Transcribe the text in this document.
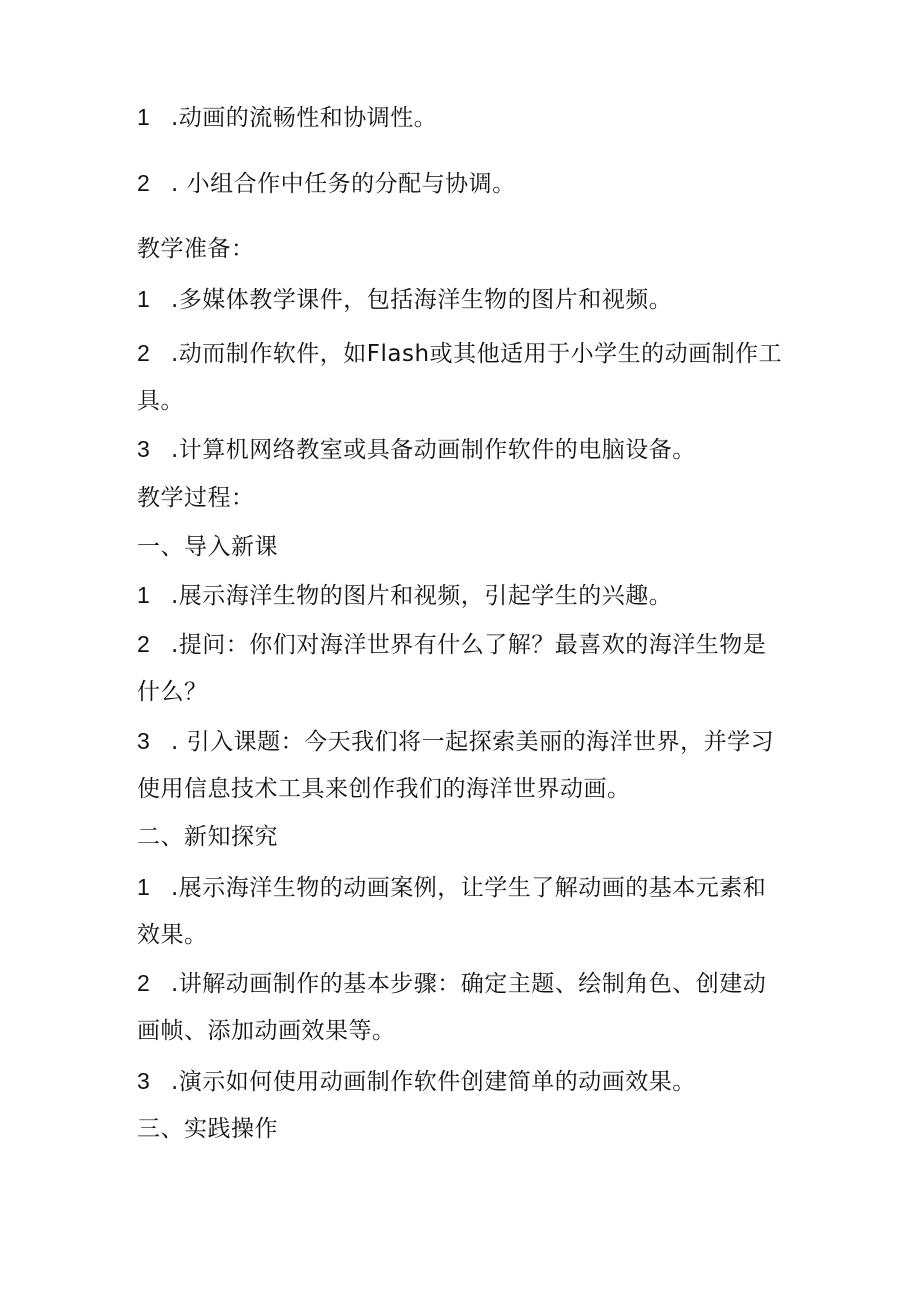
1 .动画的流畅性和协调性。
2 . 小组合作中任务的分配与协调。
教学准备：
1 .多媒体教学课件，包括海洋生物的图片和视频。
2 .动而制作软件，如Flash或其他适用于小学生的动画制作工
具。
3 .计算机网络教室或具备动画制作软件的电脑设备。
教学过程：
一、导入新课
1 .展示海洋生物的图片和视频，引起学生的兴趣。
2 .提问：你们对海洋世界有什么了解？最喜欢的海洋生物是
什么？
3 . 引入课题：今天我们将一起探索美丽的海洋世界，并学习
使用信息技术工具来创作我们的海洋世界动画。
二、新知探究
1 .展示海洋生物的动画案例，让学生了解动画的基本元素和
效果。
2 .讲解动画制作的基本步骤：确定主题、绘制角色、创建动
画帧、添加动画效果等。
3 .演示如何使用动画制作软件创建简单的动画效果。
三、实践操作
